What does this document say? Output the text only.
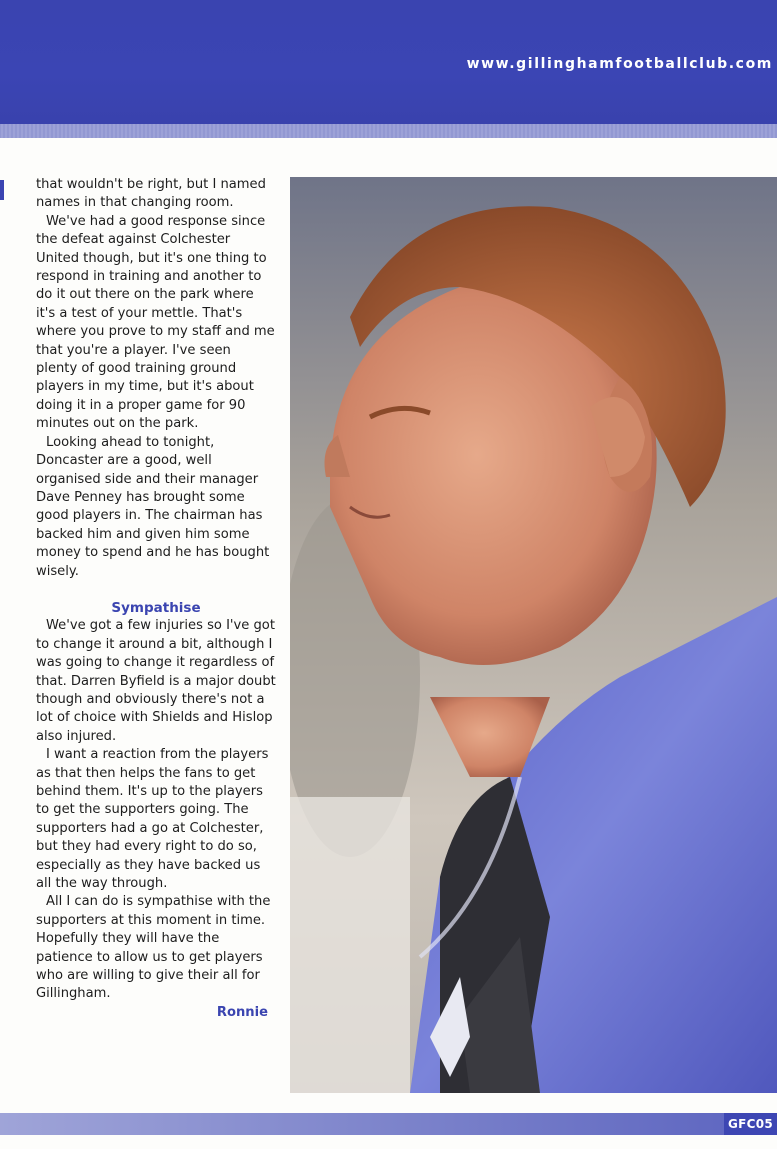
www.gillinghamfootballclub.com

that wouldn't be right, but I named names in that changing room.

We've had a good response since the defeat against Colchester United though, but it's one thing to respond in training and another to do it out there on the park where it's a test of your mettle. That's where you prove to my staff and me that you're a player. I've seen plenty of good training ground players in my time, but it's about doing it in a proper game for 90 minutes out on the park.

Looking ahead to tonight, Doncaster are a good, well organised side and their manager Dave Penney has brought some good players in. The chairman has backed him and given him some money to spend and he has bought wisely.

Sympathise

We've got a few injuries so I've got to change it around a bit, although I was going to change it regardless of that. Darren Byfield is a major doubt though and obviously there's not a lot of choice with Shields and Hislop also injured.

I want a reaction from the players as that then helps the fans to get behind them. It's up to the players to get the supporters going. The supporters had a go at Colchester, but they had every right to do so, especially as they have backed us all the way through.

All I can do is sympathise with the supporters at this moment in time. Hopefully they will have the patience to allow us to get players who are willing to give their all for Gillingham.

Ronnie
GFC05
